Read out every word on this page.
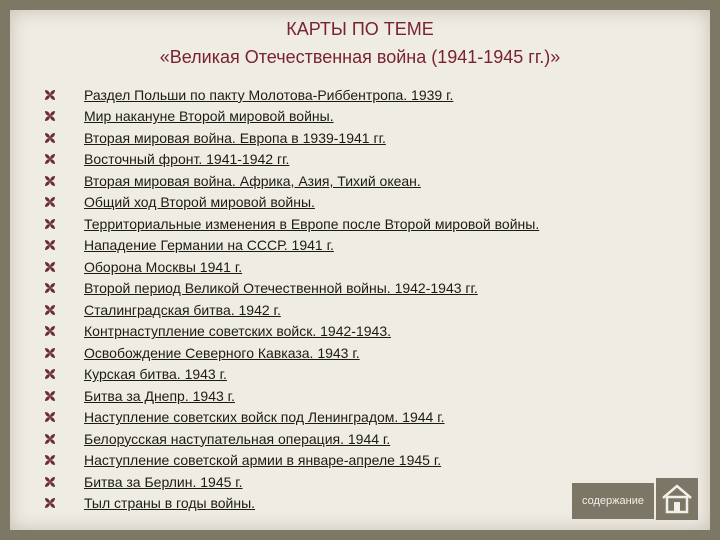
КАРТЫ ПО ТЕМЕ
«Великая Отечественная война (1941-1945 гг.)»
Раздел Польши по пакту Молотова-Риббентропа. 1939 г.
Мир накануне Второй мировой войны.
Вторая мировая война. Европа в 1939-1941 гг.
Восточный фронт. 1941-1942 гг.
Вторая мировая война. Африка, Азия, Тихий океан.
Общий ход Второй мировой войны.
Территориальные изменения в Европе после Второй мировой войны.
Нападение Германии на СССР. 1941 г.
Оборона Москвы 1941 г.
Второй период Великой Отечественной войны. 1942-1943 гг.
Сталинградская битва. 1942 г.
Контрнаступление советских войск. 1942-1943.
Освобождение Северного Кавказа. 1943 г.
Курская битва. 1943 г.
Битва за Днепр. 1943 г.
Наступление советских войск под Ленинградом. 1944 г.
Белорусская наступательная операция. 1944 г.
Наступление советской армии в январе-апреле 1945 г.
Битва за Берлин. 1945 г.
Тыл страны в годы войны.	содержание
